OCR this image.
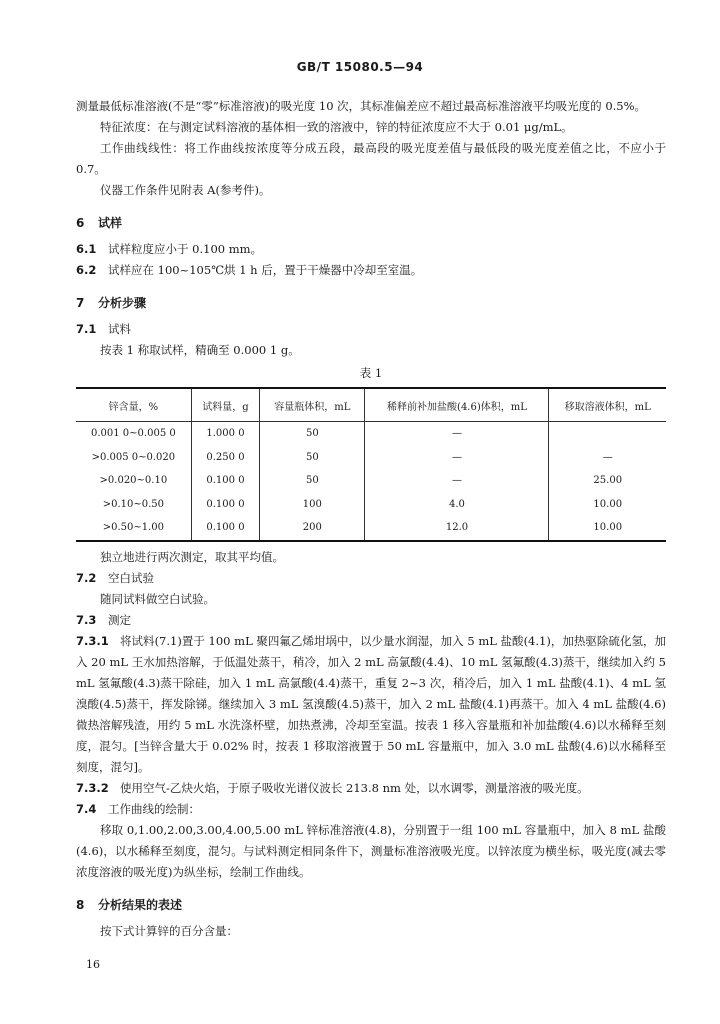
GB/T 15080.5—94

测量最低标准溶液(不是“零”标准溶液)的吸光度 10 次，其标准偏差应不超过最高标准溶液平均吸光度的 0.5%。

特征浓度：在与测定试料溶液的基体相一致的溶液中，锌的特征浓度应不大于 0.01 μg/mL。

工作曲线线性：将工作曲线按浓度等分成五段，最高段的吸光度差值与最低段的吸光度差值之比，不应小于 0.7。

仪器工作条件见附表 A(参考件)。

6 试样

6.1 试样粒度应小于 0.100 mm。

6.2 试样应在 100~105℃烘 1 h 后，置于干燥器中冷却至室温。

7 分析步骤

7.1 试料

按表 1 称取试样，精确至 0.000 1 g。

表 1
锌含量，%	试料量，g	容量瓶体积，mL	稀释前补加盐酸(4.6)体积，mL	移取溶液体积，mL
0.001 0~0.005 0	1.000 0	50	—	
>0.005 0~0.020	0.250 0	50	—	—
>0.020~0.10	0.100 0	50	—	25.00
>0.10~0.50	0.100 0	100	4.0	10.00
>0.50~1.00	0.100 0	200	12.0	10.00

独立地进行两次测定，取其平均值。

7.2 空白试验

随同试料做空白试验。

7.3 测定

7.3.1 将试料(7.1)置于 100 mL 聚四氟乙烯坩埚中，以少量水润湿，加入 5 mL 盐酸(4.1)，加热驱除硫化氢，加入 20 mL 王水加热溶解，于低温处蒸干，稍冷，加入 2 mL 高氯酸(4.4)、10 mL 氢氟酸(4.3)蒸干，继续加入约 5 mL 氢氟酸(4.3)蒸干除硅，加入 1 mL 高氯酸(4.4)蒸干，重复 2~3 次，稍冷后，加入 1 mL 盐酸(4.1)、4 mL 氢溴酸(4.5)蒸干，挥发除锑。继续加入 3 mL 氢溴酸(4.5)蒸干，加入 2 mL 盐酸(4.1)再蒸干。加入 4 mL 盐酸(4.6)微热溶解残渣，用约 5 mL 水洗涤杯壁，加热煮沸，冷却至室温。按表 1 移入容量瓶和补加盐酸(4.6)以水稀释至刻度，混匀。[当锌含量大于 0.02% 时，按表 1 移取溶液置于 50 mL 容量瓶中，加入 3.0 mL 盐酸(4.6)以水稀释至刻度，混匀]。

7.3.2 使用空气-乙炔火焰，于原子吸收光谱仪波长 213.8 nm 处，以水调零，测量溶液的吸光度。

7.4 工作曲线的绘制：

移取 0,1.00,2.00,3.00,4.00,5.00 mL 锌标准溶液(4.8)，分别置于一组 100 mL 容量瓶中，加入 8 mL 盐酸(4.6)，以水稀释至刻度，混匀。与试料测定相同条件下，测量标准溶液吸光度。以锌浓度为横坐标，吸光度(减去零浓度溶液的吸光度)为纵坐标，绘制工作曲线。

8 分析结果的表述

按下式计算锌的百分含量：

16
